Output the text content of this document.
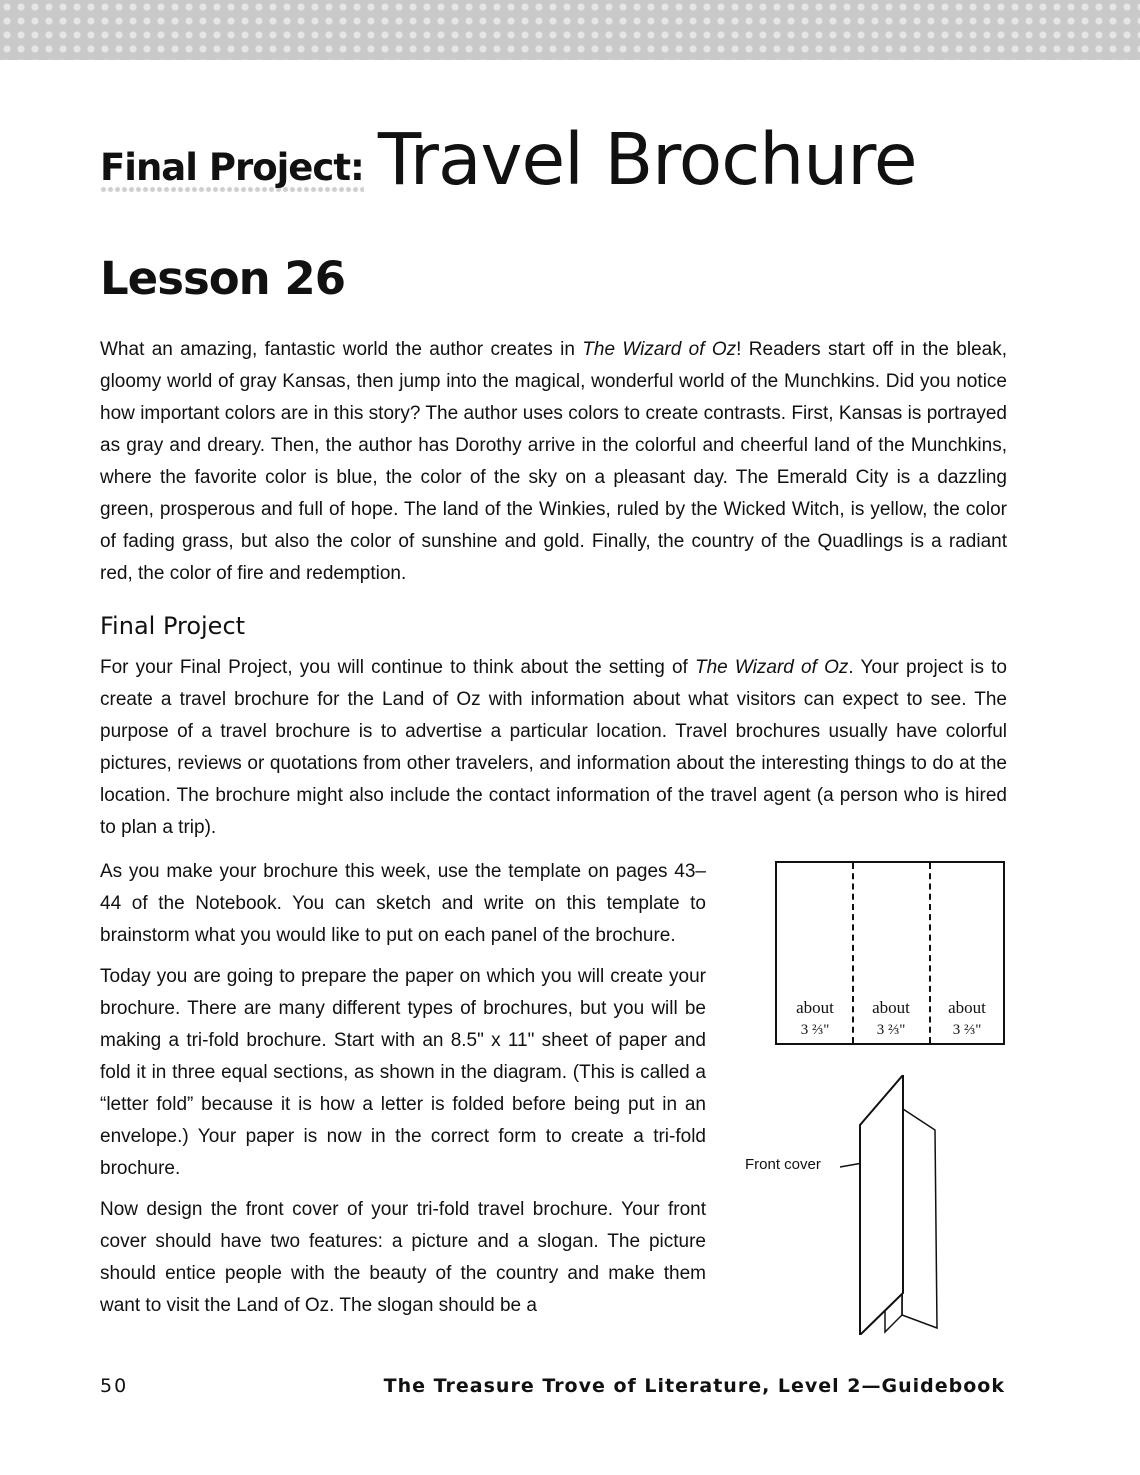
Final Project: Travel Brochure
Lesson 26

What an amazing, fantastic world the author creates in The Wizard of Oz! Readers start off in the bleak, gloomy world of gray Kansas, then jump into the magical, wonderful world of the Munchkins. Did you notice how important colors are in this story? The author uses colors to create contrasts. First, Kansas is portrayed as gray and dreary. Then, the author has Dorothy arrive in the colorful and cheerful land of the Munchkins, where the favorite color is blue, the color of the sky on a pleasant day. The Emerald City is a dazzling green, prosperous and full of hope. The land of the Winkies, ruled by the Wicked Witch, is yellow, the color of fading grass, but also the color of sunshine and gold. Finally, the country of the Quadlings is a radiant red, the color of fire and redemption.

Final Project

For your Final Project, you will continue to think about the setting of The Wizard of Oz. Your project is to create a travel brochure for the Land of Oz with information about what visitors can expect to see. The purpose of a travel brochure is to advertise a particular location. Travel brochures usually have colorful pictures, reviews or quotations from other travelers, and information about the interesting things to do at the location. The brochure might also include the contact information of the travel agent (a person who is hired to plan a trip).

As you make your brochure this week, use the template on pages 43–44 of the Notebook. You can sketch and write on this template to brainstorm what you would like to put on each panel of the brochure.

Today you are going to prepare the paper on which you will create your brochure. There are many different types of brochures, but you will be making a tri-fold brochure. Start with an 8.5" x 11" sheet of paper and fold it in three equal sections, as shown in the diagram. (This is called a “letter fold” because it is how a letter is folded before being put in an envelope.) Your paper is now in the correct form to create a tri-fold brochure.

Now design the front cover of your tri-fold travel brochure. Your front cover should have two features: a picture and a slogan. The picture should entice people with the beauty of the country and make them want to visit the Land of Oz. The slogan should be a

about
3 ⅔"
about
3 ⅔"
about
3 ⅔"
Front cover
50	The Treasure Trove of Literature, Level 2—Guidebook
